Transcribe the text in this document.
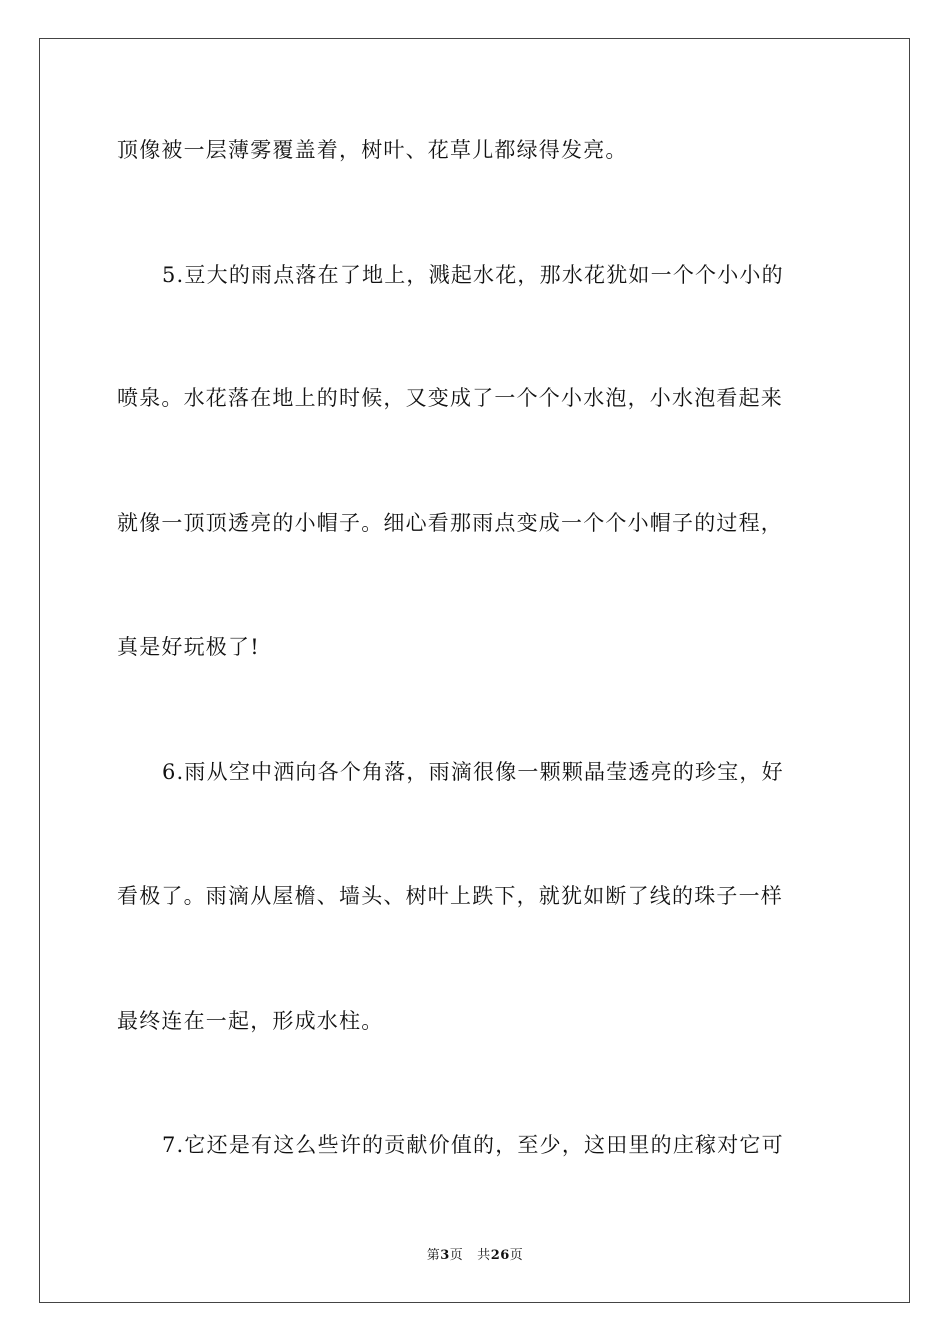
顶像被一层薄雾覆盖着，树叶、花草儿都绿得发亮。
5.豆大的雨点落在了地上，溅起水花，那水花犹如一个个小小的
喷泉。水花落在地上的时候，又变成了一个个小水泡，小水泡看起来
就像一顶顶透亮的小帽子。细心看那雨点变成一个个小帽子的过程，
真是好玩极了!
6.雨从空中洒向各个角落，雨滴很像一颗颗晶莹透亮的珍宝，好
看极了。雨滴从屋檐、墙头、树叶上跌下，就犹如断了线的珠子一样
最终连在一起，形成水柱。
7.它还是有这么些许的贡献价值的，至少，这田里的庄稼对它可
第3页 共26页
